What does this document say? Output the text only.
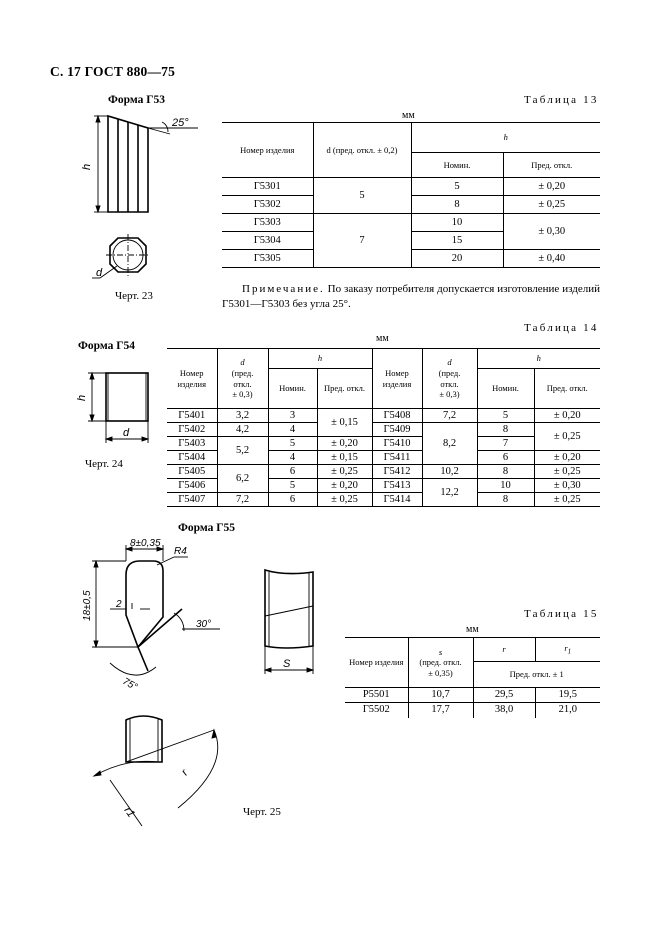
С. 17 ГОСТ 880—75
Форма Г53
25°
h
d
Черт. 23
Таблица 13
мм
Номер изделия	d (пред. откл. ± 0,2)	h	
		Номин.	Пред. откл.
Г5301	5	5	± 0,20
Г5302		8	± 0,25
Г5303	7	10	± 0,30
Г5304		15	
Г5305		20	± 0,40
Примечание. По заказу потребителя допускается изготовление изделий Г5301—Г5303 без угла 25°.
Таблица 14
мм
Форма Г54
h
d
Черт. 24
Номер изделия	d
(пред.
откл.
± 0,3)	h		Номер изделия	d
(пред.
откл.
± 0,3)	h	
		Номин.	Пред. откл.			Номин.	Пред. откл.
Г5401	3,2	3	± 0,15	Г5408	7,2	5	± 0,20
Г5402	4,2	4		Г5409	8,2	8	± 0,25
Г5403	5,2	5	± 0,20	Г5410		7	
Г5404		4	± 0,15	Г5411		6	± 0,20
Г5405	6,2	6	± 0,25	Г5412	10,2	8	± 0,25
Г5406		5	± 0,20	Г5413	12,2	10	± 0,30
Г5407	7,2	6	± 0,25	Г5414		8	± 0,25
Форма Г55
8±0,35
R4
18±0,5 2
30°
75°
S
r
r1	Черт. 25
Таблица 15
мм
Номер изделия	s
(пред. откл.
± 0,35)	r	$r_1$
		Пред. откл. ± 1	
Р5501	10,7	29,5	19,5
Г5502	17,7	38,0	21,0
